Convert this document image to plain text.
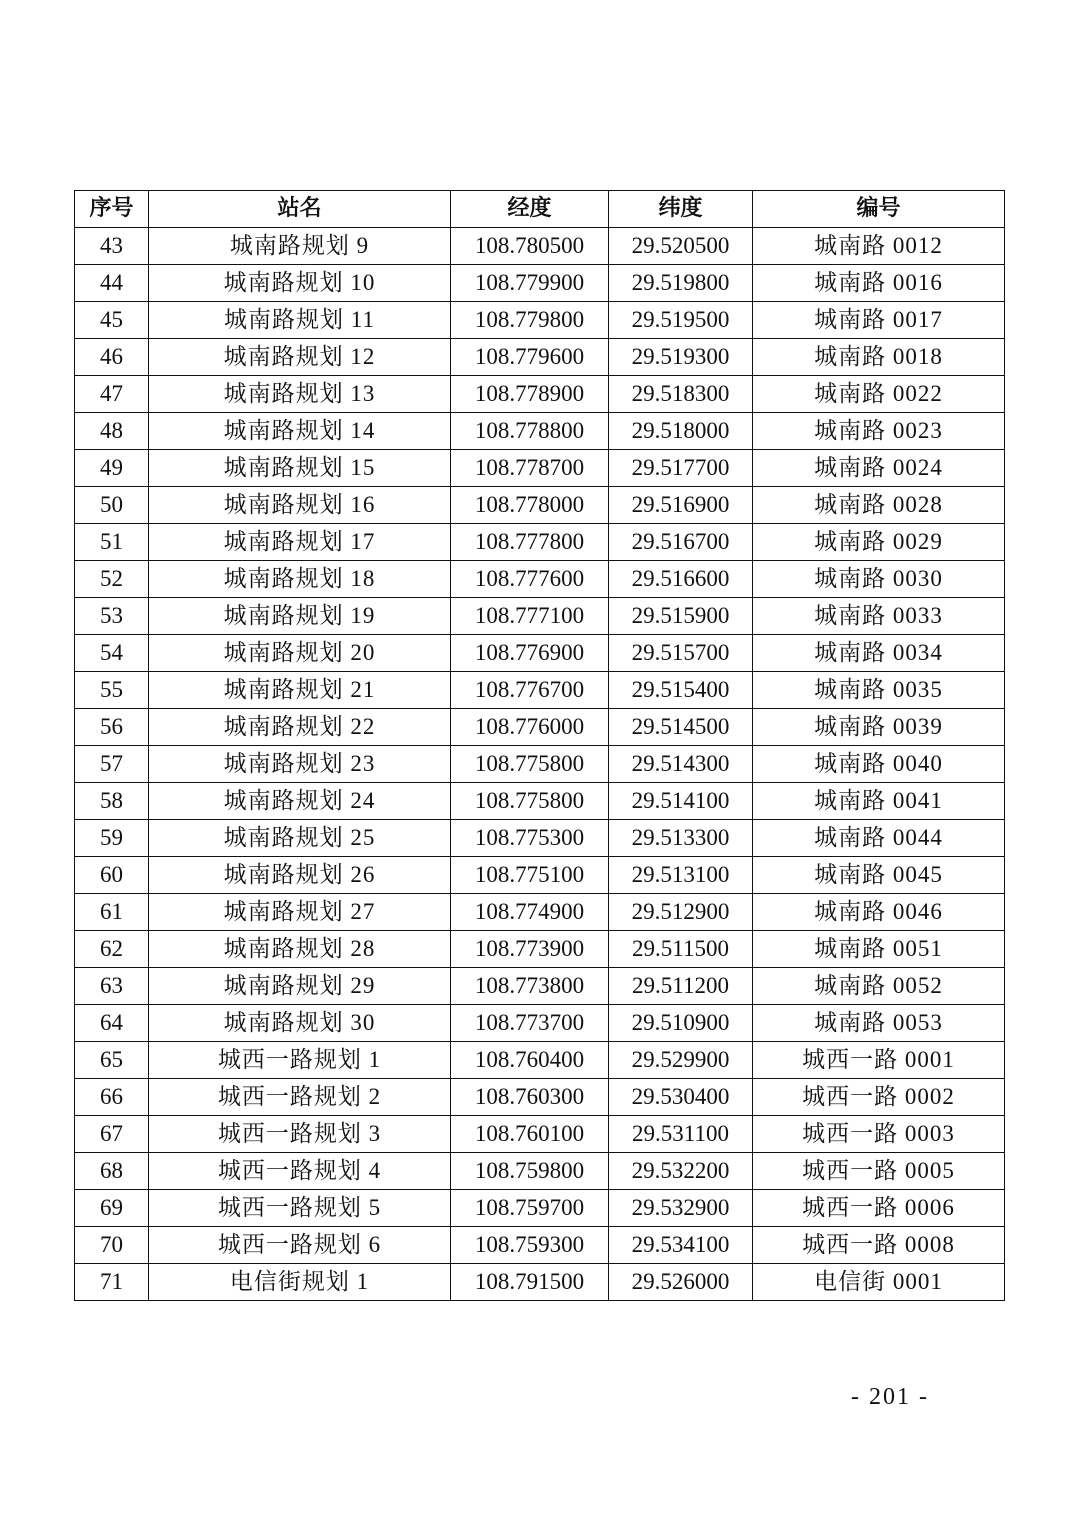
序号	站名	经度	纬度	编号
43	城南路规划 9	108.780500	29.520500	城南路 0012
44	城南路规划 10	108.779900	29.519800	城南路 0016
45	城南路规划 11	108.779800	29.519500	城南路 0017
46	城南路规划 12	108.779600	29.519300	城南路 0018
47	城南路规划 13	108.778900	29.518300	城南路 0022
48	城南路规划 14	108.778800	29.518000	城南路 0023
49	城南路规划 15	108.778700	29.517700	城南路 0024
50	城南路规划 16	108.778000	29.516900	城南路 0028
51	城南路规划 17	108.777800	29.516700	城南路 0029
52	城南路规划 18	108.777600	29.516600	城南路 0030
53	城南路规划 19	108.777100	29.515900	城南路 0033
54	城南路规划 20	108.776900	29.515700	城南路 0034
55	城南路规划 21	108.776700	29.515400	城南路 0035
56	城南路规划 22	108.776000	29.514500	城南路 0039
57	城南路规划 23	108.775800	29.514300	城南路 0040
58	城南路规划 24	108.775800	29.514100	城南路 0041
59	城南路规划 25	108.775300	29.513300	城南路 0044
60	城南路规划 26	108.775100	29.513100	城南路 0045
61	城南路规划 27	108.774900	29.512900	城南路 0046
62	城南路规划 28	108.773900	29.511500	城南路 0051
63	城南路规划 29	108.773800	29.511200	城南路 0052
64	城南路规划 30	108.773700	29.510900	城南路 0053
65	城西一路规划 1	108.760400	29.529900	城西一路 0001
66	城西一路规划 2	108.760300	29.530400	城西一路 0002
67	城西一路规划 3	108.760100	29.531100	城西一路 0003
68	城西一路规划 4	108.759800	29.532200	城西一路 0005
69	城西一路规划 5	108.759700	29.532900	城西一路 0006
70	城西一路规划 6	108.759300	29.534100	城西一路 0008
71	电信街规划 1	108.791500	29.526000	电信街 0001
- 201 -
